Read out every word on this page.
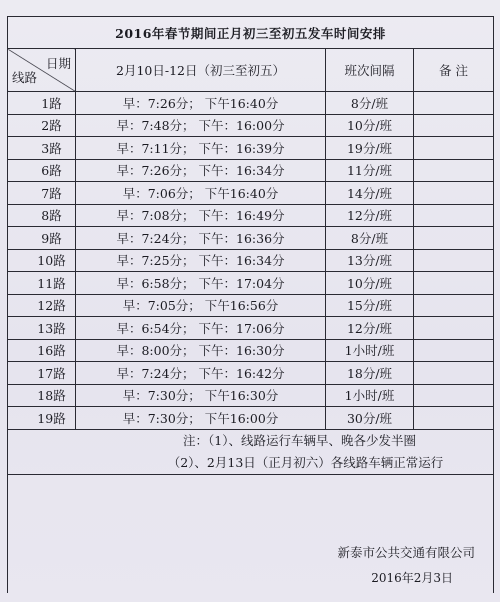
2016年春节期间正月初三至初五发车时间安排			

日期
线路	2月10日-12日（初三至初五）	班次间隔	备 注
1路	早：7:26分； 下午16:40分	8分/班	
2路	早：7:48分； 下午：16:00分	10分/班	
3路	早：7:11分； 下午：16:39分	19分/班	
6路	早：7:26分； 下午：16:34分	11分/班	
7路	早：7:06分； 下午16:40分	14分/班	
8路	早：7:08分； 下午：16:49分	12分/班	
9路	早：7:24分； 下午：16:36分	8分/班	
10路	早：7:25分； 下午：16:34分	13分/班	
11路	早：6:58分； 下午：17:04分	10分/班	
12路	早：7:05分； 下午16:56分	15分/班	
13路	早：6:54分； 下午：17:06分	12分/班	
16路	早：8:00分； 下午：16:30分	1小时/班	
17路	早：7:24分； 下午：16:42分	18分/班	
18路	早：7:30分； 下午16:30分	1小时/班	
19路	早：7:30分； 下午16:00分	30分/班	

注：（1）、线路运行车辆早、晚各少发半圈
（2）、2月13日（正月初六）各线路车辆正常运行			

新泰市公共交通有限公司
2016年2月3日			
